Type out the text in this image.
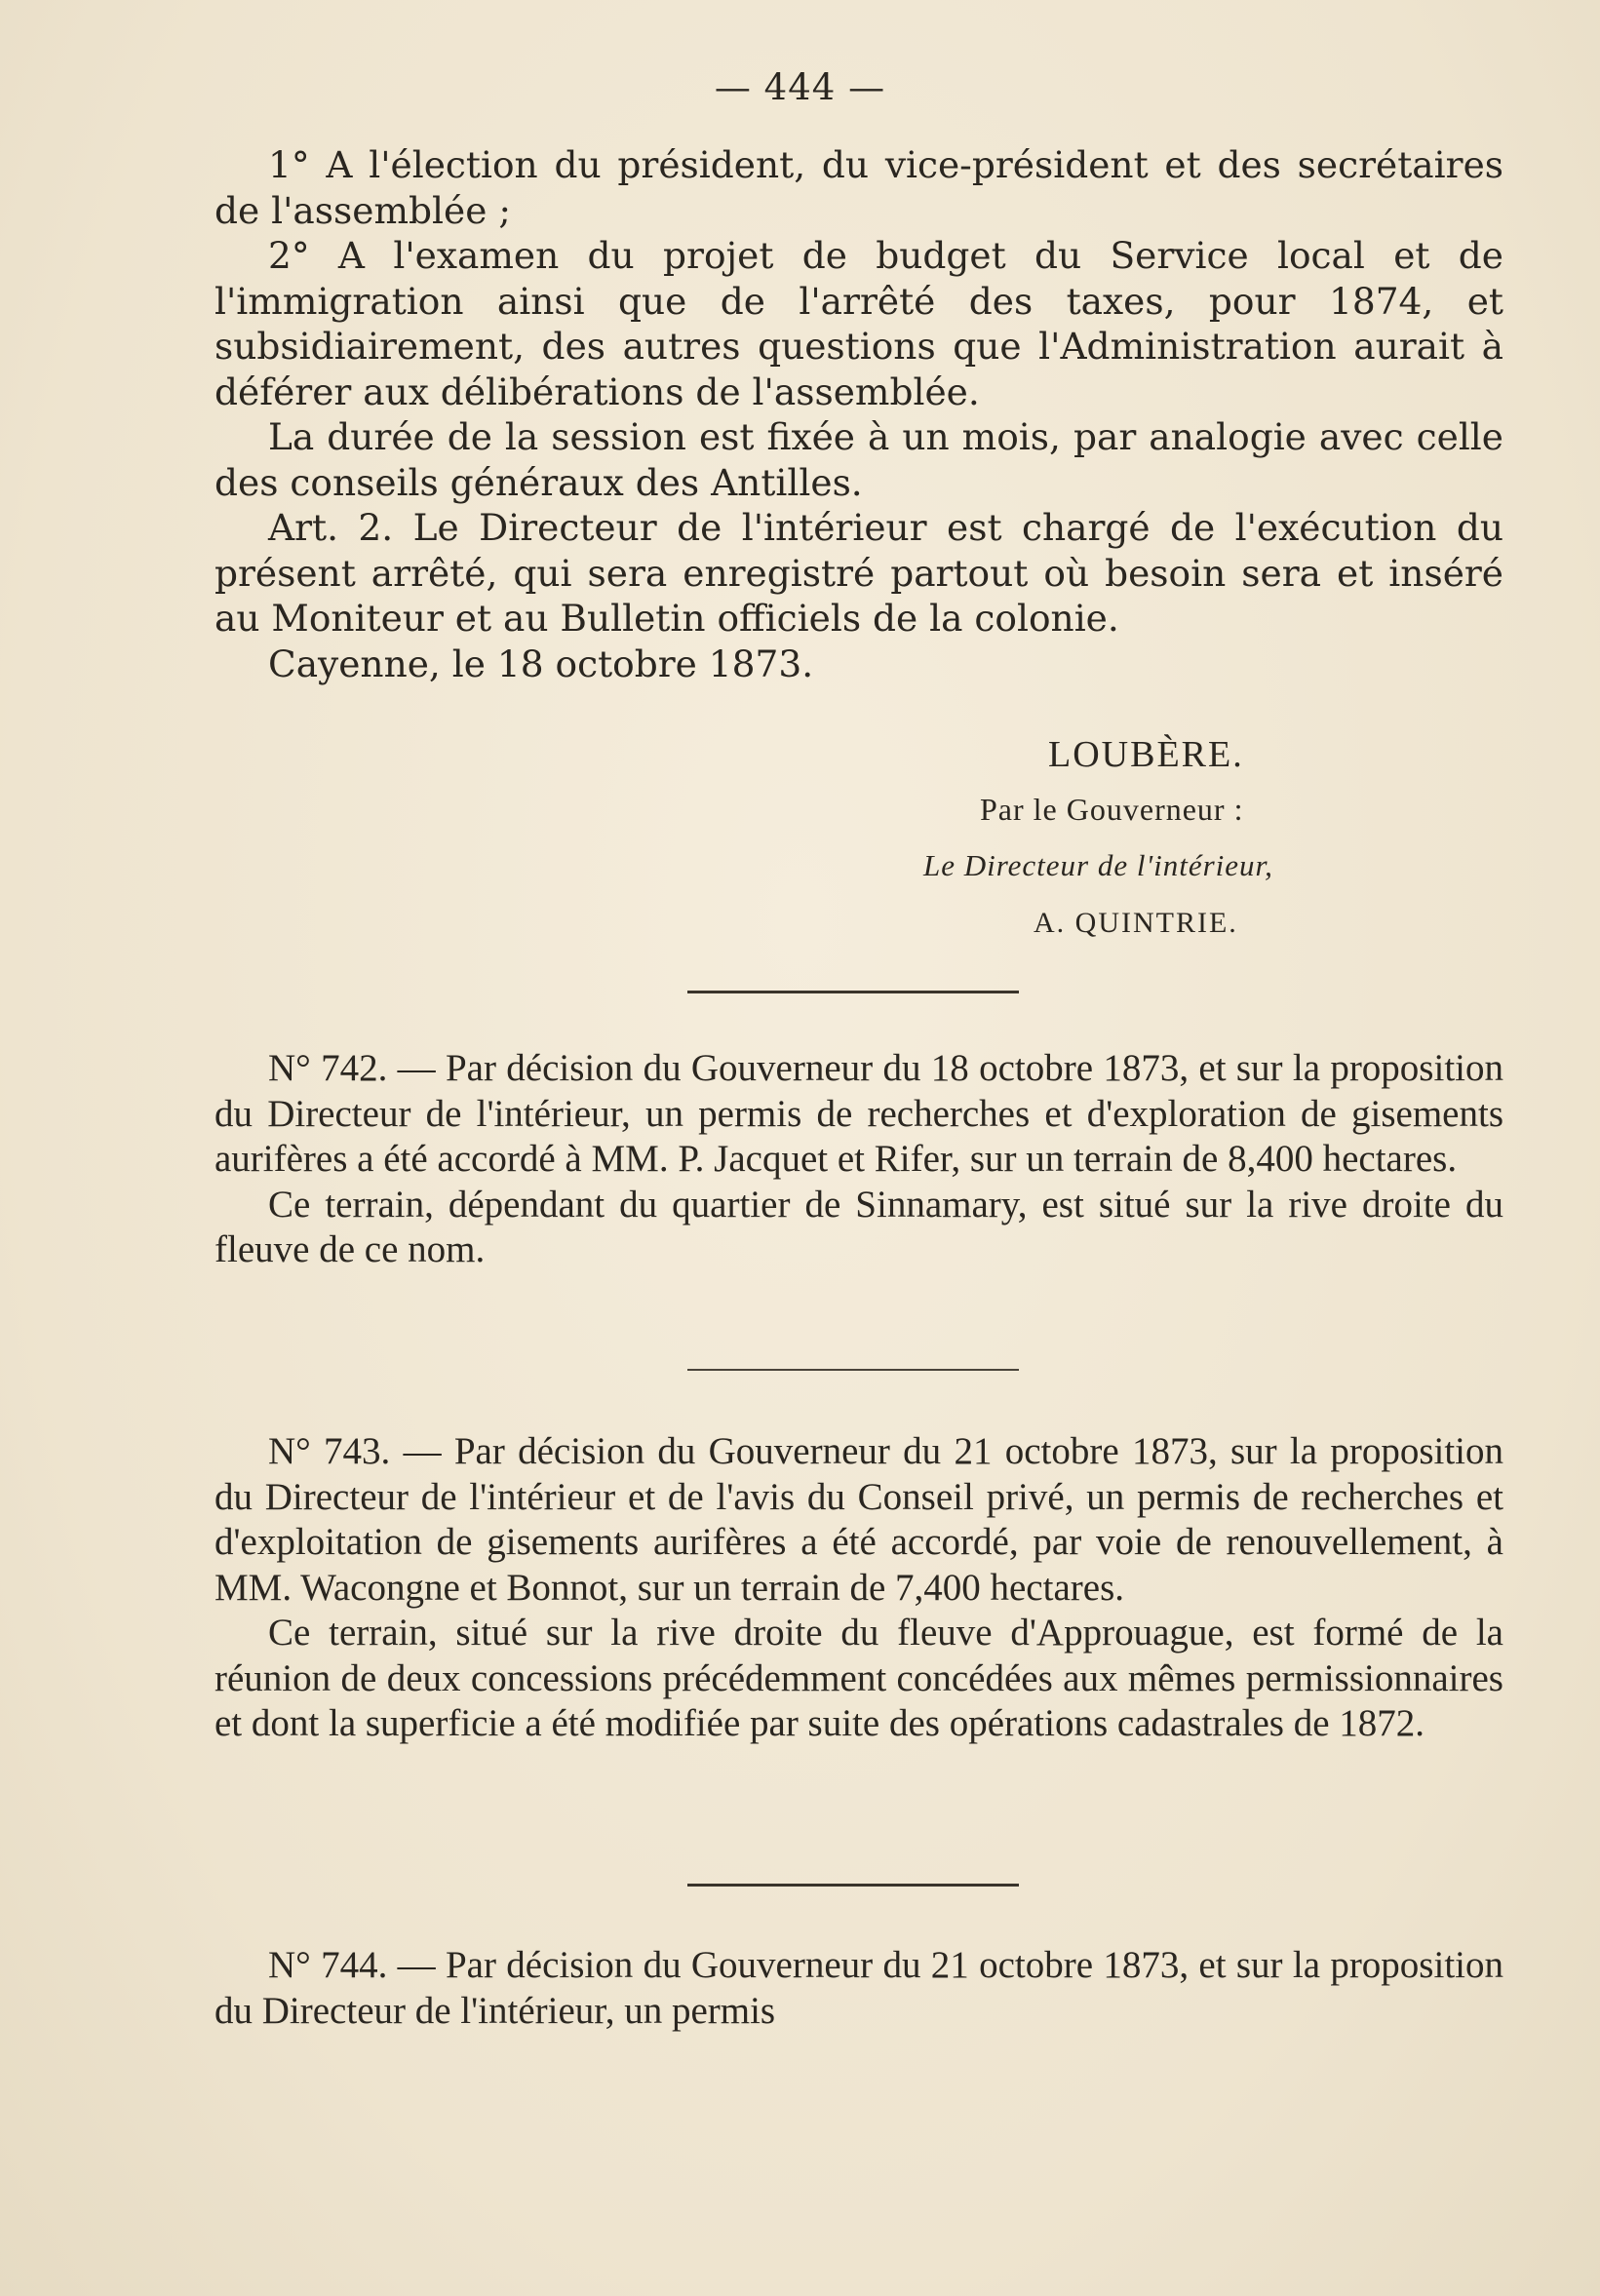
— 444 —

1° A l'élection du président, du vice-président et des secrétaires de l'assemblée ;

2° A l'examen du projet de budget du Service local et de l'immigration ainsi que de l'arrêté des taxes, pour 1874, et subsidiairement, des autres questions que l'Administration aurait à déférer aux délibérations de l'assemblée.

La durée de la session est fixée à un mois, par analogie avec celle des conseils généraux des Antilles.

Art. 2. Le Directeur de l'intérieur est chargé de l'exécution du présent arrêté, qui sera enregistré partout où besoin sera et inséré au Moniteur et au Bulletin officiels de la colonie.

Cayenne, le 18 octobre 1873.

LOUBÈRE.
Par le Gouverneur :
Le Directeur de l'intérieur,
A. QUINTRIE.

N° 742. — Par décision du Gouverneur du 18 octobre 1873, et sur la proposition du Directeur de l'intérieur, un permis de recherches et d'exploration de gisements aurifères a été accordé à MM. P. Jacquet et Rifer, sur un terrain de 8,400 hectares.

Ce terrain, dépendant du quartier de Sinnamary, est situé sur la rive droite du fleuve de ce nom.

N° 743. — Par décision du Gouverneur du 21 octobre 1873, sur la proposition du Directeur de l'intérieur et de l'avis du Conseil privé, un permis de recherches et d'exploitation de gisements aurifères a été accordé, par voie de renouvellement, à MM. Wacongne et Bonnot, sur un terrain de 7,400 hectares.

Ce terrain, situé sur la rive droite du fleuve d'Approuague, est formé de la réunion de deux concessions précédemment concédées aux mêmes permissionnaires et dont la superficie a été modifiée par suite des opérations cadastrales de 1872.

N° 744. — Par décision du Gouverneur du 21 octobre 1873, et sur la proposition du Directeur de l'intérieur, un permis
